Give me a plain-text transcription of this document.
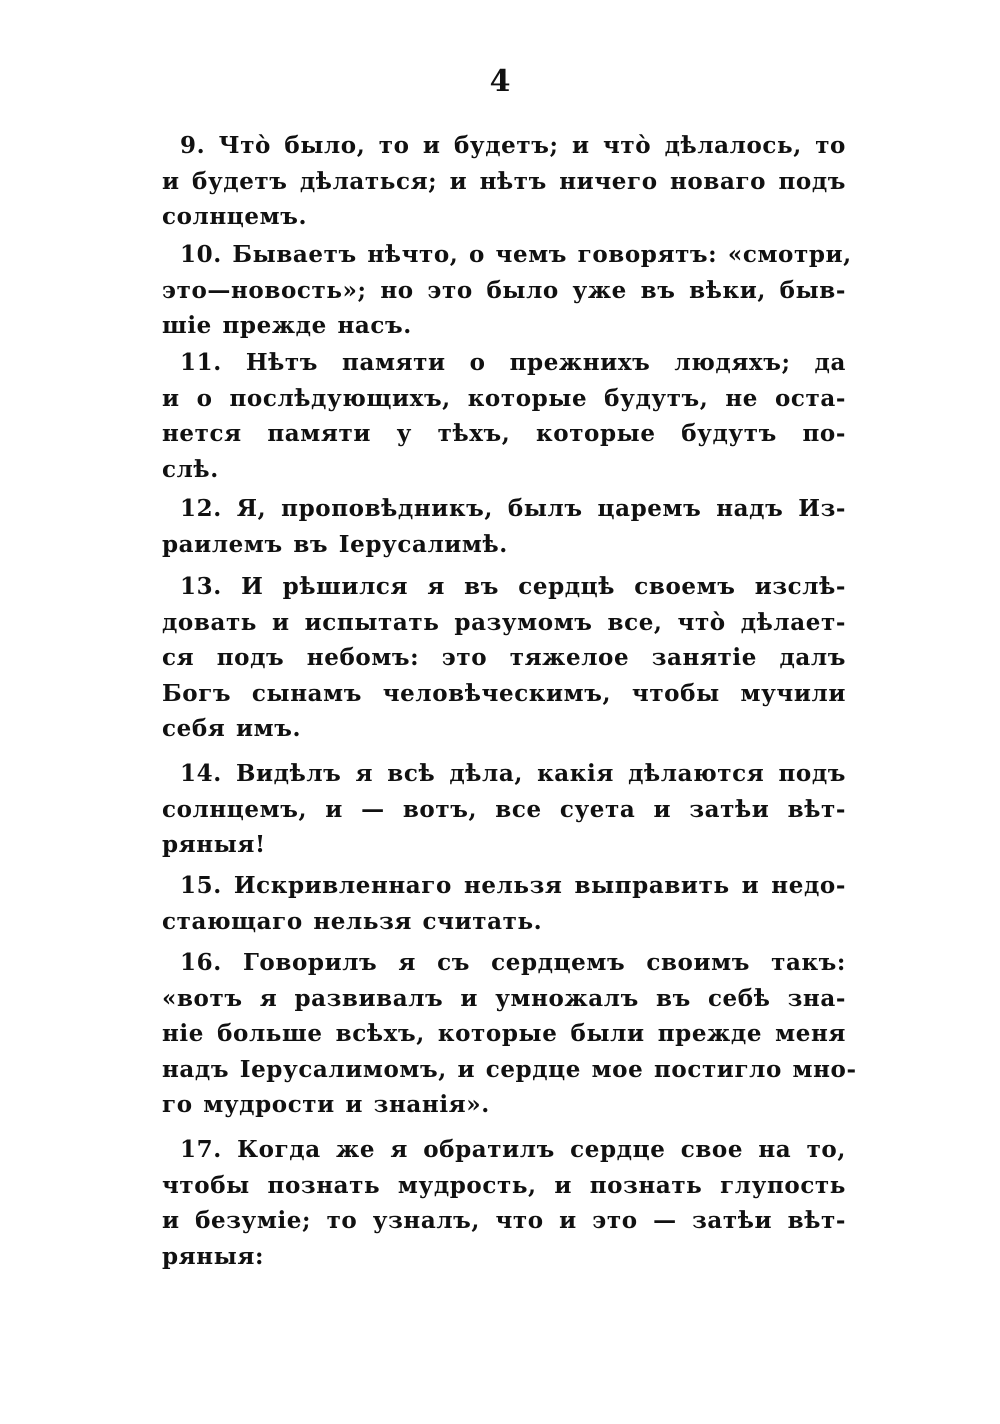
4
9. Что̀ было, то и будетъ; и что̀ дѣлалось, то
и будетъ дѣлаться; и нѣтъ ничего новаго подъ
солнцемъ.
10. Бываетъ нѣчто, о чемъ говорятъ: «смотри,
это—новость»; но это было уже въ вѣки, быв-
шіе прежде насъ.
11. Нѣтъ памяти о прежнихъ людяхъ; да
и о послѣдующихъ, которые будутъ, не оста-
нется памяти у тѣхъ, которые будутъ по-
слѣ.
12. Я, проповѣдникъ, былъ царемъ надъ Из-
раилемъ въ Іерусалимѣ.
13. И рѣшился я въ сердцѣ своемъ изслѣ-
довать и испытать разумомъ все, что̀ дѣлает-
ся подъ небомъ: это тяжелое занятіе далъ
Богъ сынамъ человѣческимъ, чтобы мучили
себя имъ.
14. Видѣлъ я всѣ дѣла, какія дѣлаются подъ
солнцемъ, и — вотъ, все суета и затѣи вѣт-
ряныя!
15. Искривленнаго нельзя выправить и недо-
стающаго нельзя считать.
16. Говорилъ я съ сердцемъ своимъ такъ:
«вотъ я развивалъ и умножалъ въ себѣ зна-
ніе больше всѣхъ, которые были прежде меня
надъ Іерусалимомъ, и сердце мое постигло мно-
го мудрости и знанія».
17. Когда же я обратилъ сердце свое на то,
чтобы познать мудрость, и познать глупость
и безуміе; то узналъ, что и это — затѣи вѣт-
ряныя:
